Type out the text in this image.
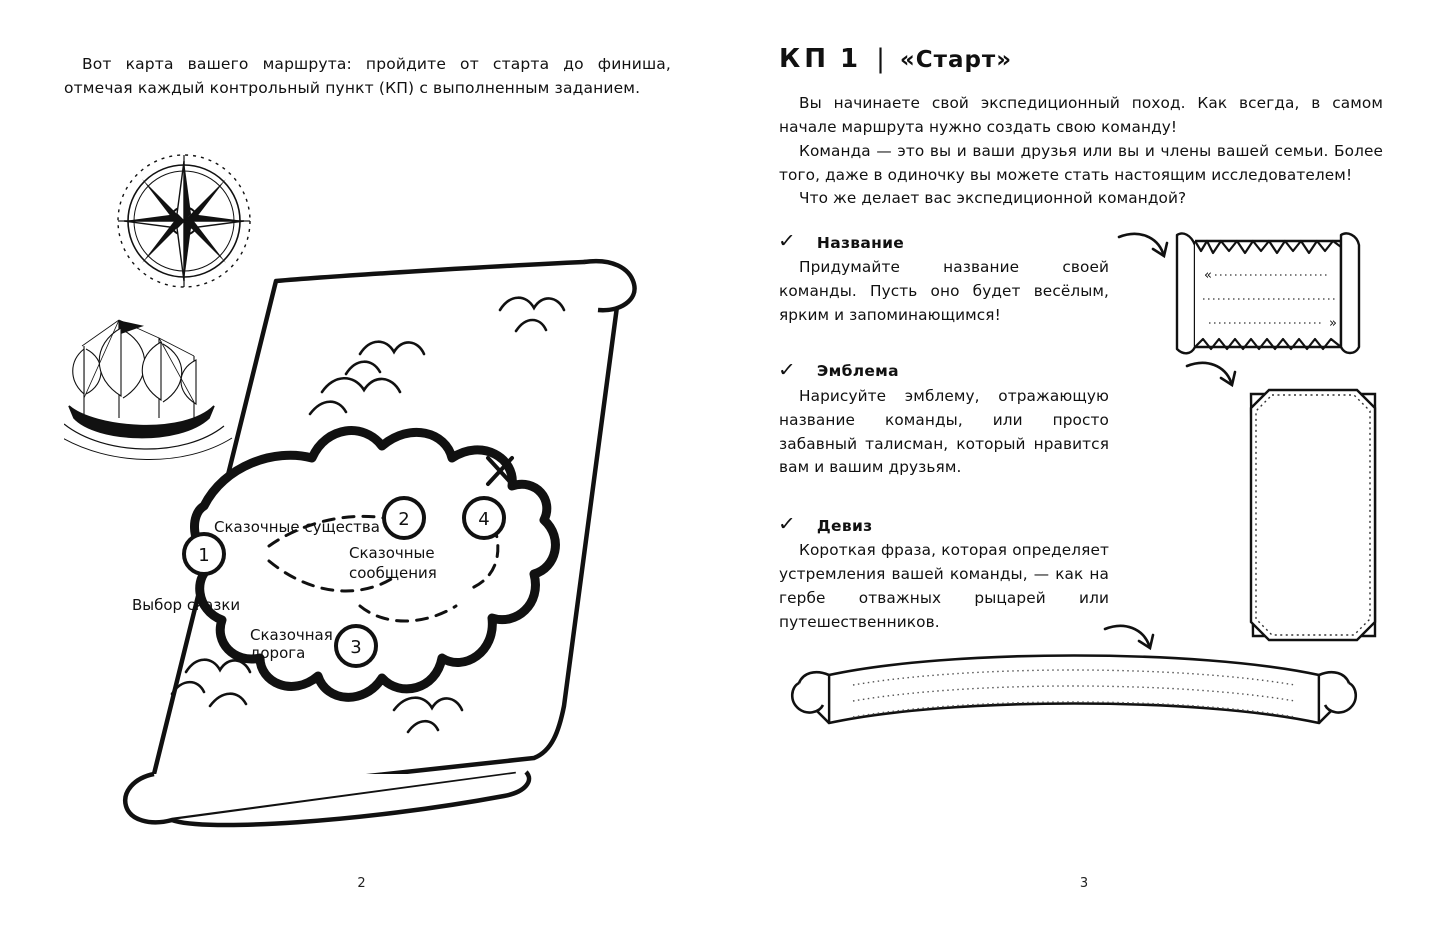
Вот карта вашего маршрута: пройдите от старта до финиша, отмечая каждый контрольный пункт (КП) с выполненным заданием.

1
2
3
4
Сказочные существа
Выбор сказки
Сказочная
дорога
Сказочные
сообщения
2
КП 1 | «Старт»

Вы начинаете свой экспедиционный поход. Как всегда, в самом начале маршрута нужно создать свою команду!

Команда — это вы и ваши друзья или вы и члены вашей семьи. Более того, даже в одиночку вы можете стать настоящим исследователем!

Что же делает вас экспедиционной командой?

✓ Название

Придумайте название своей команды. Пусть оно будет весёлым, ярким и запоминающимся!

«
»
✓ Эмблема

Нарисуйте эмблему, отражающую название команды, или просто забавный талисман, который нравится вам и вашим друзьям.

✓ Девиз

Короткая фраза, которая определяет устремления вашей команды, — как на гербе отважных рыцарей или путешественников.

3
